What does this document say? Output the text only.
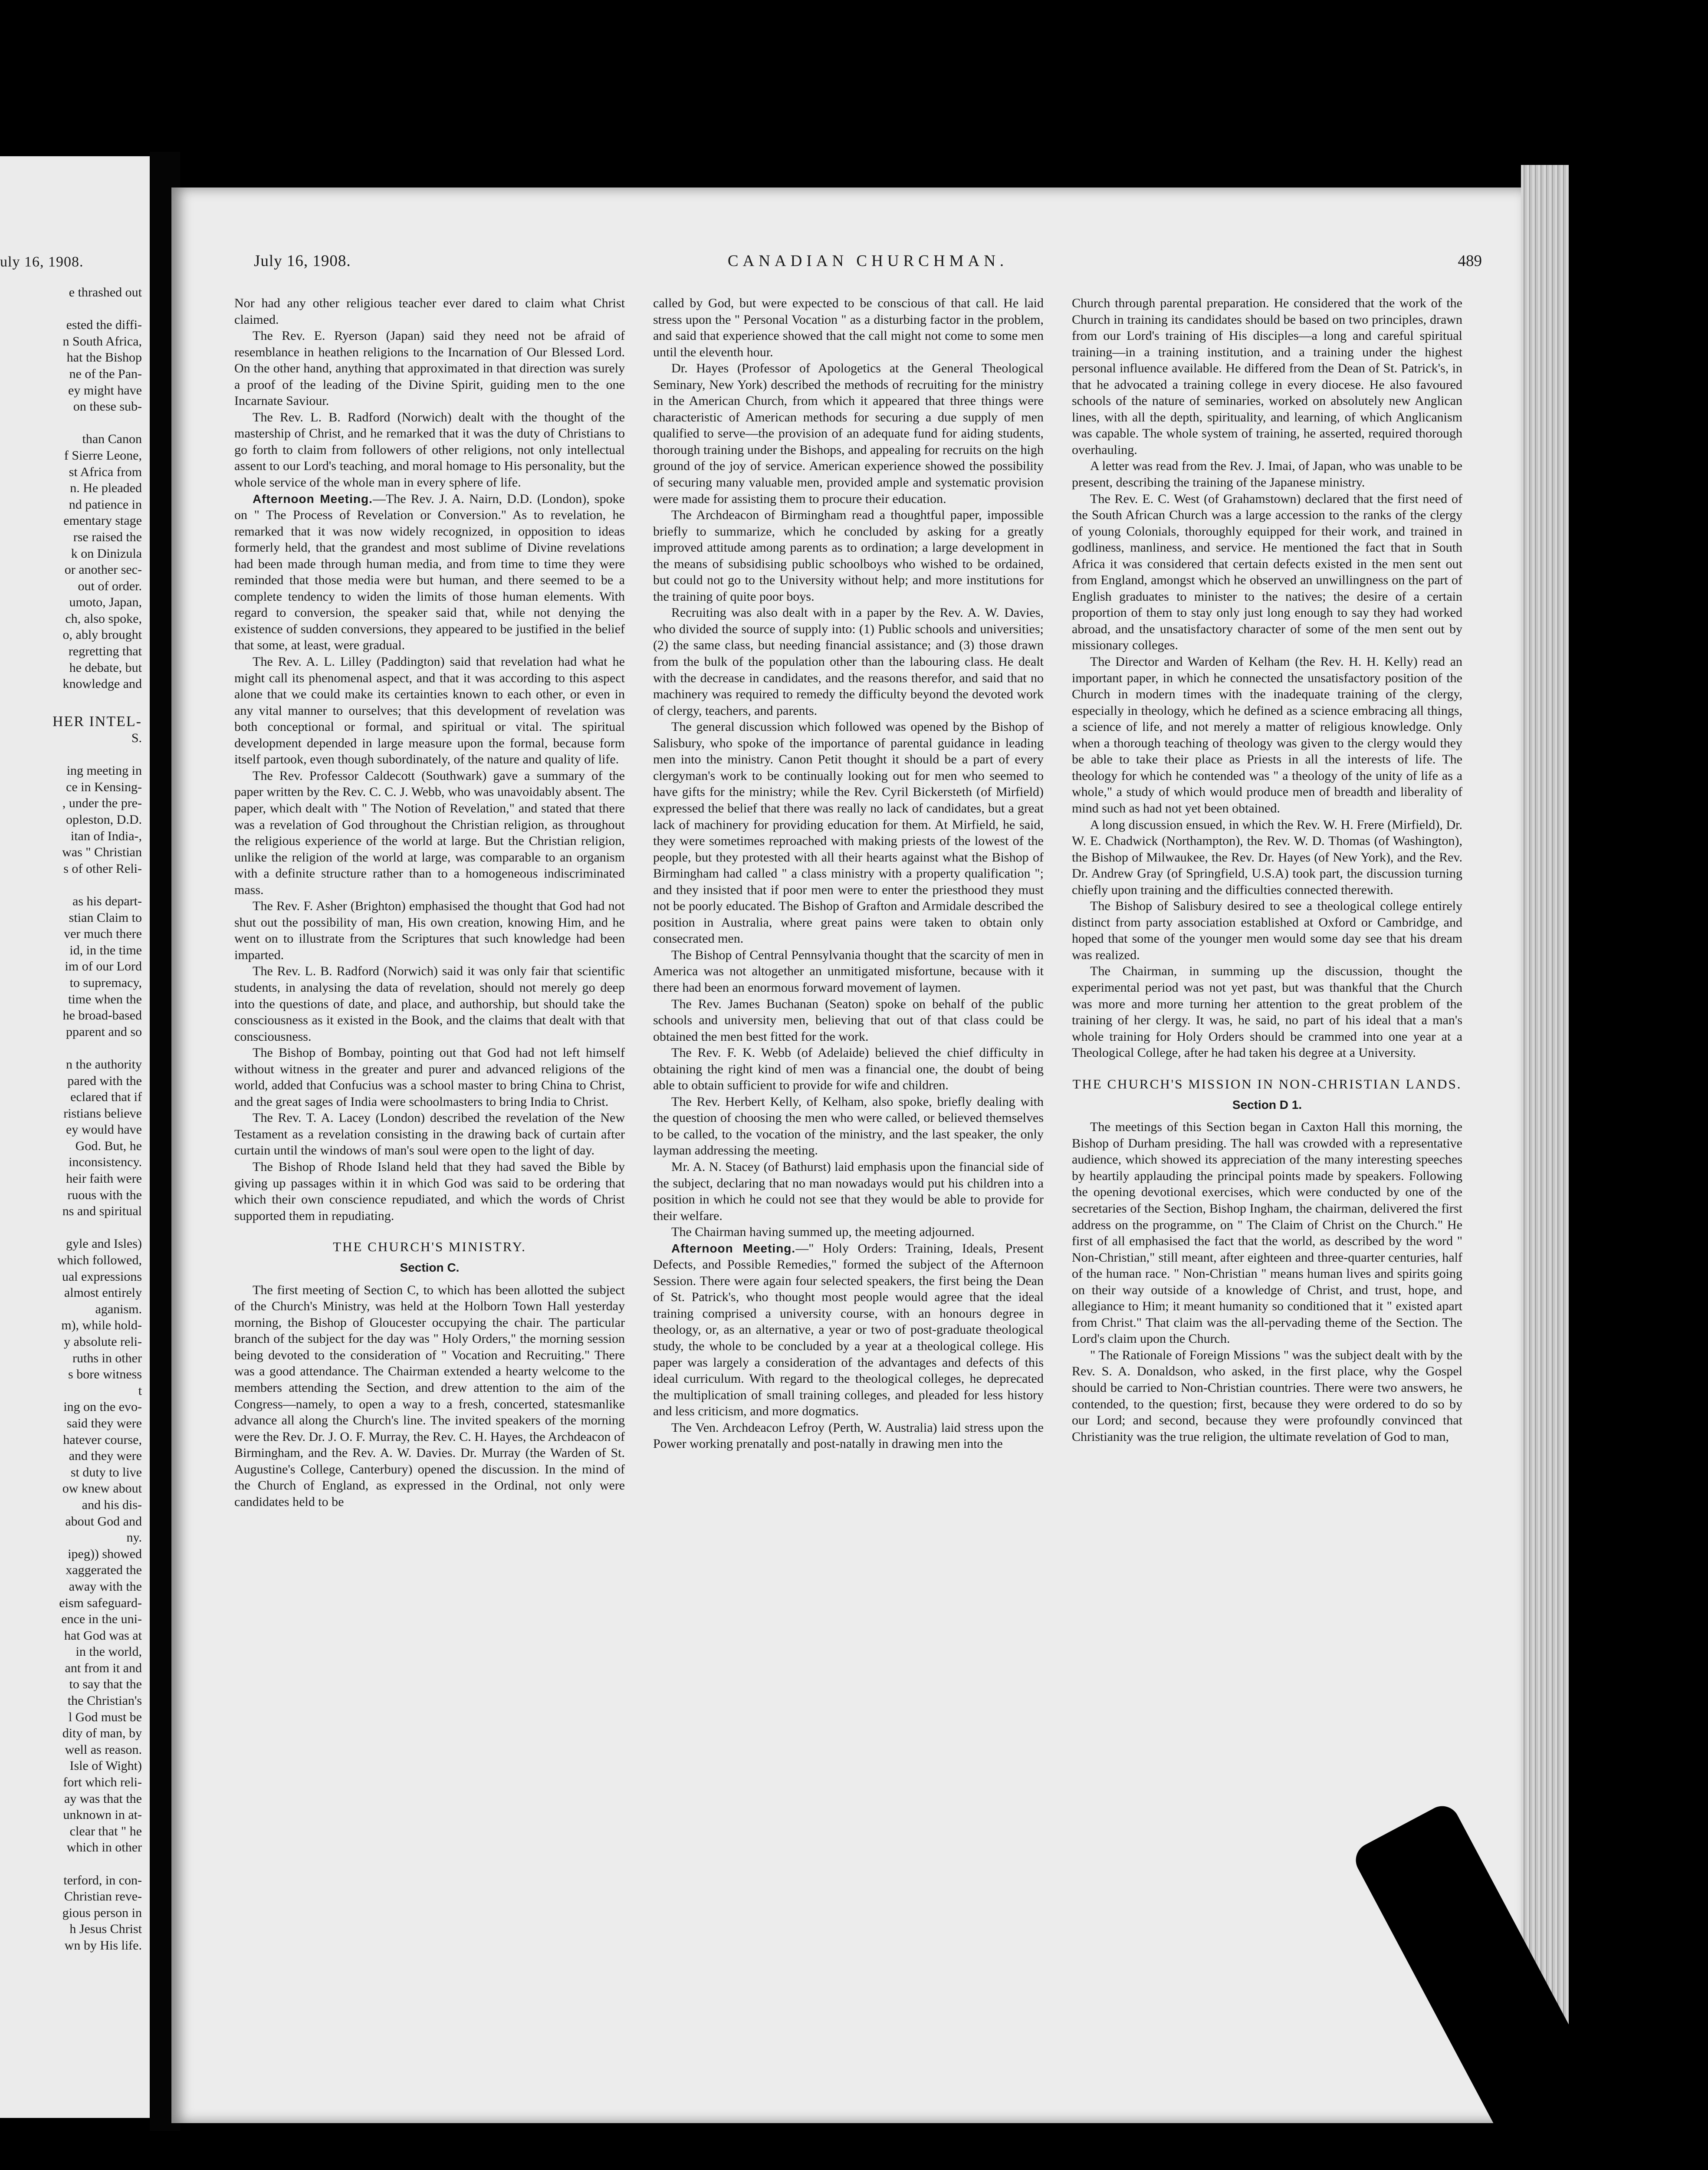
uly 16, 1908.
e thrashed out
ested the diffi-
n South Africa,
hat the Bishop
ne of the Pan-
ey might have
on these sub-
than Canon
f Sierre Leone,
st Africa from
n. He pleaded
nd patience in
ementary stage
rse raised the
k on Dinizula
or another sec-
out of order.
umoto, Japan,
ch, also spoke,
o, ably brought
regretting that
he debate, but
knowledge and
HER INTEL-
S.
ing meeting in
ce in Kensing-
, under the pre-
opleston, D.D.
itan of India-,
was " Christian
s of other Reli-
as his depart-
stian Claim to
ver much there
id, in the time
im of our Lord
to supremacy,
time when the
he broad-based
pparent and so
n the authority
pared with the
eclared that if
ristians believe
ey would have
God. But, he
inconsistency.
heir faith were
ruous with the
ns and spiritual
gyle and Isles)
which followed,
ual expressions
almost entirely
aganism.
m), while hold-
y absolute reli-
ruths in other
s bore witness
t
ing on the evo-
said they were
hatever course,
and they were
st duty to live
ow knew about
and his dis-
about God and
ny.
ipeg)) showed
xaggerated the
away with the
eism safeguard-
ence in the uni-
hat God was at
in the world,
ant from it and
to say that the
the Christian's
l God must be
dity of man, by
well as reason.
Isle of Wight)
fort which reli-
ay was that the
unknown in at-
clear that " he
which in other
terford, in con-
Christian reve-
gious person in
h Jesus Christ
wn by His life.
July 16, 1908.	CANADIAN CHURCHMAN.	489

Nor had any other religious teacher ever dared to claim what Christ claimed.

The Rev. E. Ryerson (Japan) said they need not be afraid of resemblance in heathen religions to the Incarnation of Our Blessed Lord. On the other hand, anything that approximated in that direction was surely a proof of the leading of the Divine Spirit, guiding men to the one Incarnate Saviour.

The Rev. L. B. Radford (Norwich) dealt with the thought of the mastership of Christ, and he remarked that it was the duty of Christians to go forth to claim from followers of other religions, not only intellectual assent to our Lord's teaching, and moral homage to His personality, but the whole service of the whole man in every sphere of life.

Afternoon Meeting.—The Rev. J. A. Nairn, D.D. (London), spoke on " The Process of Revelation or Conversion." As to revelation, he remarked that it was now widely recognized, in opposition to ideas formerly held, that the grandest and most sublime of Divine revelations had been made through human media, and from time to time they were reminded that those media were but human, and there seemed to be a complete tendency to widen the limits of those human elements. With regard to conversion, the speaker said that, while not denying the existence of sudden conversions, they appeared to be justified in the belief that some, at least, were gradual.

The Rev. A. L. Lilley (Paddington) said that revelation had what he might call its phenomenal aspect, and that it was according to this aspect alone that we could make its certainties known to each other, or even in any vital manner to ourselves; that this development of revelation was both conceptional or formal, and spiritual or vital. The spiritual development depended in large measure upon the formal, because form itself partook, even though subordinately, of the nature and quality of life.

The Rev. Professor Caldecott (Southwark) gave a summary of the paper written by the Rev. C. C. J. Webb, who was unavoidably absent. The paper, which dealt with " The Notion of Revelation," and stated that there was a revelation of God throughout the Christian religion, as throughout the religious experience of the world at large. But the Christian religion, unlike the religion of the world at large, was comparable to an organism with a definite structure rather than to a homogeneous indiscriminated mass.

The Rev. F. Asher (Brighton) emphasised the thought that God had not shut out the possibility of man, His own creation, knowing Him, and he went on to illustrate from the Scriptures that such knowledge had been imparted.

The Rev. L. B. Radford (Norwich) said it was only fair that scientific students, in analysing the data of revelation, should not merely go deep into the questions of date, and place, and authorship, but should take the consciousness as it existed in the Book, and the claims that dealt with that consciousness.

The Bishop of Bombay, pointing out that God had not left himself without witness in the greater and purer and advanced religions of the world, added that Confucius was a school master to bring China to Christ, and the great sages of India were schoolmasters to bring India to Christ.

The Rev. T. A. Lacey (London) described the revelation of the New Testament as a revelation consisting in the drawing back of curtain after curtain until the windows of man's soul were open to the light of day.

The Bishop of Rhode Island held that they had saved the Bible by giving up passages within it in which God was said to be ordering that which their own conscience repudiated, and which the words of Christ supported them in repudiating.

THE CHURCH'S MINISTRY.
Section C.

The first meeting of Section C, to which has been allotted the subject of the Church's Ministry, was held at the Holborn Town Hall yesterday morning, the Bishop of Gloucester occupying the chair. The particular branch of the subject for the day was " Holy Orders," the morning session being devoted to the consideration of " Vocation and Recruiting." There was a good attendance. The Chairman extended a hearty welcome to the members attending the Section, and drew attention to the aim of the Congress—namely, to open a way to a fresh, concerted, statesmanlike advance all along the Church's line. The invited speakers of the morning were the Rev. Dr. J. O. F. Murray, the Rev. C. H. Hayes, the Archdeacon of Birmingham, and the Rev. A. W. Davies. Dr. Murray (the Warden of St. Augustine's College, Canterbury) opened the discussion. In the mind of the Church of England, as expressed in the Ordinal, not only were candidates held to be

called by God, but were expected to be conscious of that call. He laid stress upon the " Personal Vocation " as a disturbing factor in the problem, and said that experience showed that the call might not come to some men until the eleventh hour.

Dr. Hayes (Professor of Apologetics at the General Theological Seminary, New York) described the methods of recruiting for the ministry in the American Church, from which it appeared that three things were characteristic of American methods for securing a due supply of men qualified to serve—the provision of an adequate fund for aiding students, thorough training under the Bishops, and appealing for recruits on the high ground of the joy of service. American experience showed the possibility of securing many valuable men, provided ample and systematic provision were made for assisting them to procure their education.

The Archdeacon of Birmingham read a thoughtful paper, impossible briefly to summarize, which he concluded by asking for a greatly improved attitude among parents as to ordination; a large development in the means of subsidising public schoolboys who wished to be ordained, but could not go to the University without help; and more institutions for the training of quite poor boys.

Recruiting was also dealt with in a paper by the Rev. A. W. Davies, who divided the source of supply into: (1) Public schools and universities; (2) the same class, but needing financial assistance; and (3) those drawn from the bulk of the population other than the labouring class. He dealt with the decrease in candidates, and the reasons therefor, and said that no machinery was required to remedy the difficulty beyond the devoted work of clergy, teachers, and parents.

The general discussion which followed was opened by the Bishop of Salisbury, who spoke of the importance of parental guidance in leading men into the ministry. Canon Petit thought it should be a part of every clergyman's work to be continually looking out for men who seemed to have gifts for the ministry; while the Rev. Cyril Bickersteth (of Mirfield) expressed the belief that there was really no lack of candidates, but a great lack of machinery for providing education for them. At Mirfield, he said, they were sometimes reproached with making priests of the lowest of the people, but they protested with all their hearts against what the Bishop of Birmingham had called " a class ministry with a property qualification "; and they insisted that if poor men were to enter the priesthood they must not be poorly educated. The Bishop of Grafton and Armidale described the position in Australia, where great pains were taken to obtain only consecrated men.

The Bishop of Central Pennsylvania thought that the scarcity of men in America was not altogether an unmitigated misfortune, because with it there had been an enormous forward movement of laymen.

The Rev. James Buchanan (Seaton) spoke on behalf of the public schools and university men, believing that out of that class could be obtained the men best fitted for the work.

The Rev. F. K. Webb (of Adelaide) believed the chief difficulty in obtaining the right kind of men was a financial one, the doubt of being able to obtain sufficient to provide for wife and children.

The Rev. Herbert Kelly, of Kelham, also spoke, briefly dealing with the question of choosing the men who were called, or believed themselves to be called, to the vocation of the ministry, and the last speaker, the only layman addressing the meeting.

Mr. A. N. Stacey (of Bathurst) laid emphasis upon the financial side of the subject, declaring that no man nowadays would put his children into a position in which he could not see that they would be able to provide for their welfare.

The Chairman having summed up, the meeting adjourned.

Afternoon Meeting.—" Holy Orders: Training, Ideals, Present Defects, and Possible Remedies," formed the subject of the Afternoon Session. There were again four selected speakers, the first being the Dean of St. Patrick's, who thought most people would agree that the ideal training comprised a university course, with an honours degree in theology, or, as an alternative, a year or two of post-graduate theological study, the whole to be concluded by a year at a theological college. His paper was largely a consideration of the advantages and defects of this ideal curriculum. With regard to the theological colleges, he deprecated the multiplication of small training colleges, and pleaded for less history and less criticism, and more dogmatics.

The Ven. Archdeacon Lefroy (Perth, W. Australia) laid stress upon the Power working prenatally and post-natally in drawing men into the

Church through parental preparation. He considered that the work of the Church in training its candidates should be based on two principles, drawn from our Lord's training of His disciples—a long and careful spiritual training—in a training institution, and a training under the highest personal influence available. He differed from the Dean of St. Patrick's, in that he advocated a training college in every diocese. He also favoured schools of the nature of seminaries, worked on absolutely new Anglican lines, with all the depth, spirituality, and learning, of which Anglicanism was capable. The whole system of training, he asserted, required thorough overhauling.

A letter was read from the Rev. J. Imai, of Japan, who was unable to be present, describing the training of the Japanese ministry.

The Rev. E. C. West (of Grahamstown) declared that the first need of the South African Church was a large accession to the ranks of the clergy of young Colonials, thoroughly equipped for their work, and trained in godliness, manliness, and service. He mentioned the fact that in South Africa it was considered that certain defects existed in the men sent out from England, amongst which he observed an unwillingness on the part of English graduates to minister to the natives; the desire of a certain proportion of them to stay only just long enough to say they had worked abroad, and the unsatisfactory character of some of the men sent out by missionary colleges.

The Director and Warden of Kelham (the Rev. H. H. Kelly) read an important paper, in which he connected the unsatisfactory position of the Church in modern times with the inadequate training of the clergy, especially in theology, which he defined as a science embracing all things, a science of life, and not merely a matter of religious knowledge. Only when a thorough teaching of theology was given to the clergy would they be able to take their place as Priests in all the interests of life. The theology for which he contended was " a theology of the unity of life as a whole," a study of which would produce men of breadth and liberality of mind such as had not yet been obtained.

A long discussion ensued, in which the Rev. W. H. Frere (Mirfield), Dr. W. E. Chadwick (Northampton), the Rev. W. D. Thomas (of Washington), the Bishop of Milwaukee, the Rev. Dr. Hayes (of New York), and the Rev. Dr. Andrew Gray (of Springfield, U.S.A) took part, the discussion turning chiefly upon training and the difficulties connected therewith.

The Bishop of Salisbury desired to see a theological college entirely distinct from party association established at Oxford or Cambridge, and hoped that some of the younger men would some day see that his dream was realized.

The Chairman, in summing up the discussion, thought the experimental period was not yet past, but was thankful that the Church was more and more turning her attention to the great problem of the training of her clergy. It was, he said, no part of his ideal that a man's whole training for Holy Orders should be crammed into one year at a Theological College, after he had taken his degree at a University.

THE CHURCH'S MISSION IN NON-CHRISTIAN LANDS.
Section D 1.

The meetings of this Section began in Caxton Hall this morning, the Bishop of Durham presiding. The hall was crowded with a representative audience, which showed its appreciation of the many interesting speeches by heartily applauding the principal points made by speakers. Following the opening devotional exercises, which were conducted by one of the secretaries of the Section, Bishop Ingham, the chairman, delivered the first address on the programme, on " The Claim of Christ on the Church." He first of all emphasised the fact that the world, as described by the word " Non-Christian," still meant, after eighteen and three-quarter centuries, half of the human race. " Non-Christian " means human lives and spirits going on their way outside of a knowledge of Christ, and trust, hope, and allegiance to Him; it meant humanity so conditioned that it " existed apart from Christ." That claim was the all-pervading theme of the Section. The Lord's claim upon the Church.

" The Rationale of Foreign Missions " was the subject dealt with by the Rev. S. A. Donaldson, who asked, in the first place, why the Gospel should be carried to Non-Christian countries. There were two answers, he contended, to the question; first, because they were ordered to do so by our Lord; and second, because they were profoundly convinced that Christianity was the true religion, the ultimate revelation of God to man,
